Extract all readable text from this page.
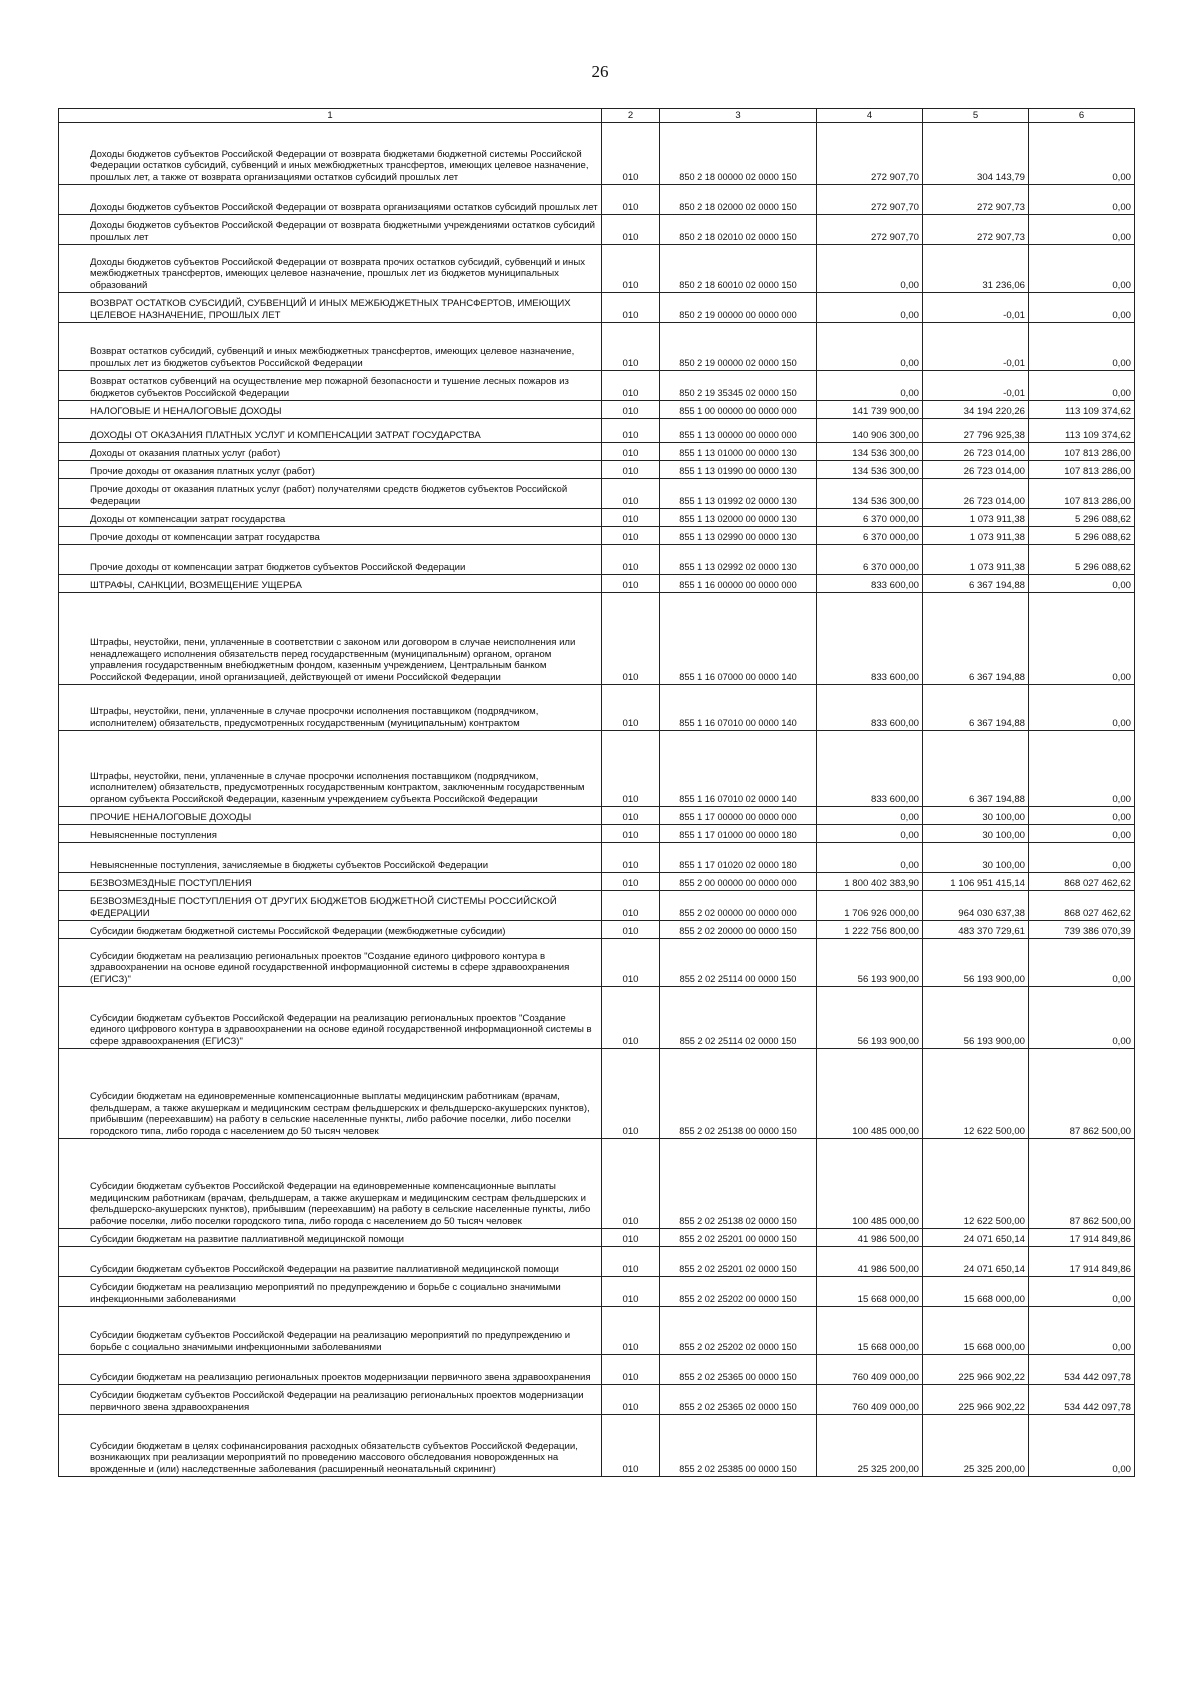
26
1	2	3	4	5	6

Доходы бюджетов субъектов Российской Федерации от возврата бюджетами бюджетной системы Российской Федерации остатков субсидий, субвенций и иных межбюджетных трансфертов, имеющих целевое назначение, прошлых лет, а также от возврата организациями остатков субсидий прошлых лет	010	850 2 18 00000 02 0000 150	272 907,70	304 143,79	0,00

Доходы бюджетов субъектов Российской Федерации от возврата организациями остатков субсидий прошлых лет	010	850 2 18 02000 02 0000 150	272 907,70	272 907,73	0,00

Доходы бюджетов субъектов Российской Федерации от возврата бюджетными учреждениями остатков субсидий прошлых лет	010	850 2 18 02010 02 0000 150	272 907,70	272 907,73	0,00

Доходы бюджетов субъектов Российской Федерации от возврата прочих остатков субсидий, субвенций и иных межбюджетных трансфертов, имеющих целевое назначение, прошлых лет из бюджетов муниципальных образований	010	850 2 18 60010 02 0000 150	0,00	31 236,06	0,00

ВОЗВРАТ ОСТАТКОВ СУБСИДИЙ, СУБВЕНЦИЙ И ИНЫХ МЕЖБЮДЖЕТНЫХ ТРАНСФЕРТОВ, ИМЕЮЩИХ ЦЕЛЕВОЕ НАЗНАЧЕНИЕ, ПРОШЛЫХ ЛЕТ	010	850 2 19 00000 00 0000 000	0,00	-0,01	0,00

Возврат остатков субсидий, субвенций и иных межбюджетных трансфертов, имеющих целевое назначение, прошлых лет из бюджетов субъектов Российской Федерации	010	850 2 19 00000 02 0000 150	0,00	-0,01	0,00

Возврат остатков субвенций на осуществление мер пожарной безопасности и тушение лесных пожаров из бюджетов субъектов Российской Федерации	010	850 2 19 35345 02 0000 150	0,00	-0,01	0,00

НАЛОГОВЫЕ И НЕНАЛОГОВЫЕ ДОХОДЫ	010	855 1 00 00000 00 0000 000	141 739 900,00	34 194 220,26	113 109 374,62

ДОХОДЫ ОТ ОКАЗАНИЯ ПЛАТНЫХ УСЛУГ И КОМПЕНСАЦИИ ЗАТРАТ ГОСУДАРСТВА	010	855 1 13 00000 00 0000 000	140 906 300,00	27 796 925,38	113 109 374,62

Доходы от оказания платных услуг (работ)	010	855 1 13 01000 00 0000 130	134 536 300,00	26 723 014,00	107 813 286,00

Прочие доходы от оказания платных услуг (работ)	010	855 1 13 01990 00 0000 130	134 536 300,00	26 723 014,00	107 813 286,00

Прочие доходы от оказания платных услуг (работ) получателями средств бюджетов субъектов Российской Федерации	010	855 1 13 01992 02 0000 130	134 536 300,00	26 723 014,00	107 813 286,00

Доходы от компенсации затрат государства	010	855 1 13 02000 00 0000 130	6 370 000,00	1 073 911,38	5 296 088,62

Прочие доходы от компенсации затрат государства	010	855 1 13 02990 00 0000 130	6 370 000,00	1 073 911,38	5 296 088,62

Прочие доходы от компенсации затрат бюджетов субъектов Российской Федерации	010	855 1 13 02992 02 0000 130	6 370 000,00	1 073 911,38	5 296 088,62

ШТРАФЫ, САНКЦИИ, ВОЗМЕЩЕНИЕ УЩЕРБА	010	855 1 16 00000 00 0000 000	833 600,00	6 367 194,88	0,00

Штрафы, неустойки, пени, уплаченные в соответствии с законом или договором в случае неисполнения или ненадлежащего исполнения обязательств перед государственным (муниципальным) органом, органом управления государственным внебюджетным фондом, казенным учреждением, Центральным банком Российской Федерации, иной организацией, действующей от имени Российской Федерации	010	855 1 16 07000 00 0000 140	833 600,00	6 367 194,88	0,00

Штрафы, неустойки, пени, уплаченные в случае просрочки исполнения поставщиком (подрядчиком, исполнителем) обязательств, предусмотренных государственным (муниципальным) контрактом	010	855 1 16 07010 00 0000 140	833 600,00	6 367 194,88	0,00

Штрафы, неустойки, пени, уплаченные в случае просрочки исполнения поставщиком (подрядчиком, исполнителем) обязательств, предусмотренных государственным контрактом, заключенным государственным органом субъекта Российской Федерации, казенным учреждением субъекта Российской Федерации	010	855 1 16 07010 02 0000 140	833 600,00	6 367 194,88	0,00

ПРОЧИЕ НЕНАЛОГОВЫЕ ДОХОДЫ	010	855 1 17 00000 00 0000 000	0,00	30 100,00	0,00

Невыясненные поступления	010	855 1 17 01000 00 0000 180	0,00	30 100,00	0,00

Невыясненные поступления, зачисляемые в бюджеты субъектов Российской Федерации	010	855 1 17 01020 02 0000 180	0,00	30 100,00	0,00

БЕЗВОЗМЕЗДНЫЕ ПОСТУПЛЕНИЯ	010	855 2 00 00000 00 0000 000	1 800 402 383,90	1 106 951 415,14	868 027 462,62

БЕЗВОЗМЕЗДНЫЕ ПОСТУПЛЕНИЯ ОТ ДРУГИХ БЮДЖЕТОВ БЮДЖЕТНОЙ СИСТЕМЫ РОССИЙСКОЙ ФЕДЕРАЦИИ	010	855 2 02 00000 00 0000 000	1 706 926 000,00	964 030 637,38	868 027 462,62

Субсидии бюджетам бюджетной системы Российской Федерации (межбюджетные субсидии)	010	855 2 02 20000 00 0000 150	1 222 756 800,00	483 370 729,61	739 386 070,39

Субсидии бюджетам на реализацию региональных проектов "Создание единого цифрового контура в здравоохранении на основе единой государственной информационной системы в сфере здравоохранения (ЕГИСЗ)"	010	855 2 02 25114 00 0000 150	56 193 900,00	56 193 900,00	0,00

Субсидии бюджетам субъектов Российской Федерации на реализацию региональных проектов "Создание единого цифрового контура в здравоохранении на основе единой государственной информационной системы в сфере здравоохранения (ЕГИСЗ)"	010	855 2 02 25114 02 0000 150	56 193 900,00	56 193 900,00	0,00

Субсидии бюджетам на единовременные компенсационные выплаты медицинским работникам (врачам, фельдшерам, а также акушеркам и медицинским сестрам фельдшерских и фельдшерско-акушерских пунктов), прибывшим (переехавшим) на работу в сельские населенные пункты, либо рабочие поселки, либо поселки городского типа, либо города с населением до 50 тысяч человек	010	855 2 02 25138 00 0000 150	100 485 000,00	12 622 500,00	87 862 500,00

Субсидии бюджетам субъектов Российской Федерации на единовременные компенсационные выплаты медицинским работникам (врачам, фельдшерам, а также акушеркам и медицинским сестрам фельдшерских и фельдшерско-акушерских пунктов), прибывшим (переехавшим) на работу в сельские населенные пункты, либо рабочие поселки, либо поселки городского типа, либо города с населением до 50 тысяч человек	010	855 2 02 25138 02 0000 150	100 485 000,00	12 622 500,00	87 862 500,00

Субсидии бюджетам на развитие паллиативной медицинской помощи	010	855 2 02 25201 00 0000 150	41 986 500,00	24 071 650,14	17 914 849,86

Субсидии бюджетам субъектов Российской Федерации на развитие паллиативной медицинской помощи	010	855 2 02 25201 02 0000 150	41 986 500,00	24 071 650,14	17 914 849,86

Субсидии бюджетам на реализацию мероприятий по предупреждению и борьбе с социально значимыми инфекционными заболеваниями	010	855 2 02 25202 00 0000 150	15 668 000,00	15 668 000,00	0,00

Субсидии бюджетам субъектов Российской Федерации на реализацию мероприятий по предупреждению и борьбе с социально значимыми инфекционными заболеваниями	010	855 2 02 25202 02 0000 150	15 668 000,00	15 668 000,00	0,00

Субсидии бюджетам на реализацию региональных проектов модернизации первичного звена здравоохранения	010	855 2 02 25365 00 0000 150	760 409 000,00	225 966 902,22	534 442 097,78

Субсидии бюджетам субъектов Российской Федерации на реализацию региональных проектов модернизации первичного звена здравоохранения	010	855 2 02 25365 02 0000 150	760 409 000,00	225 966 902,22	534 442 097,78

Субсидии бюджетам в целях софинансирования расходных обязательств субъектов Российской Федерации, возникающих при реализации мероприятий по проведению массового обследования новорожденных на врожденные и (или) наследственные заболевания (расширенный неонатальный скрининг)	010	855 2 02 25385 00 0000 150	25 325 200,00	25 325 200,00	0,00
